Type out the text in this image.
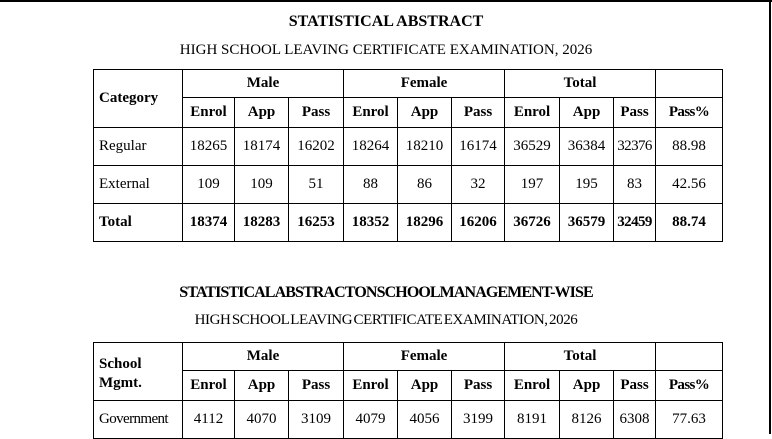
STATISTICAL ABSTRACT
HIGH SCHOOL LEAVING CERTIFICATE EXAMINATION, 2026
Category	Male			Female			Total			
	Enrol	App	Pass	Enrol	App	Pass	Enrol	App	Pass	Pass%
Regular	18265	18174	16202	18264	18210	16174	36529	36384	32376	88.98
External	109	109	51	88	86	32	197	195	83	42.56
Total	18374	18283	16253	18352	18296	16206	36726	36579	32459	88.74
STATISTICALABSTRACT ON SCHOOLMANAGEMENT-WISE
HIGH SCHOOL LEAVING CERTIFICATE EXAMINATION, 2026
School
Mgmt.	Male			Female			Total			
	Enrol	App	Pass	Enrol	App	Pass	Enrol	App	Pass	Pass%
Government	4112	4070	3109	4079	4056	3199	8191	8126	6308	77.63
